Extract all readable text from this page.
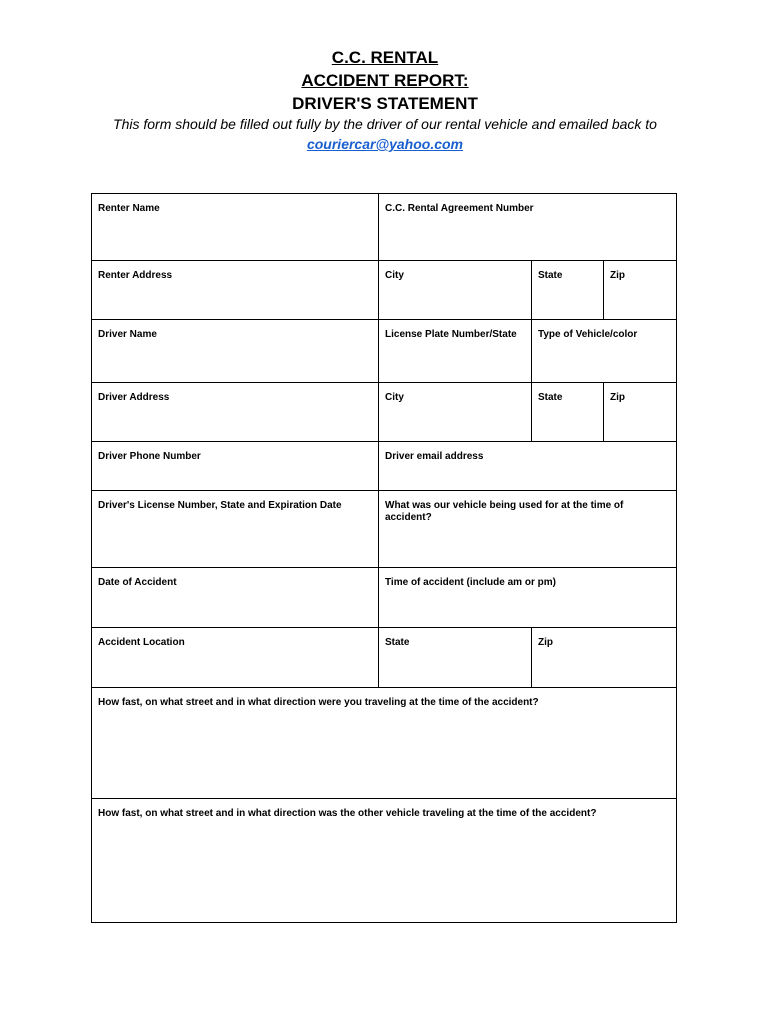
C.C. RENTAL

ACCIDENT REPORT:

DRIVER'S STATEMENT

This form should be filled out fully by the driver of our rental vehicle and emailed back to
couriercar@yahoo.com
Renter Name	C.C. Rental Agreement Number		
Renter Address	City	State	Zip
Driver Name	License Plate Number/State	Type of Vehicle/color	
Driver Address	City	State	Zip
Driver Phone Number	Driver email address		
Driver's License Number, State and Expiration Date	What was our vehicle being used for at the time of accident?		
Date of Accident	Time of accident (include am or pm)		
Accident Location	State	Zip	
How fast, on what street and in what direction were you traveling at the time of the accident?			
How fast, on what street and in what direction was the other vehicle traveling at the time of the accident?			
